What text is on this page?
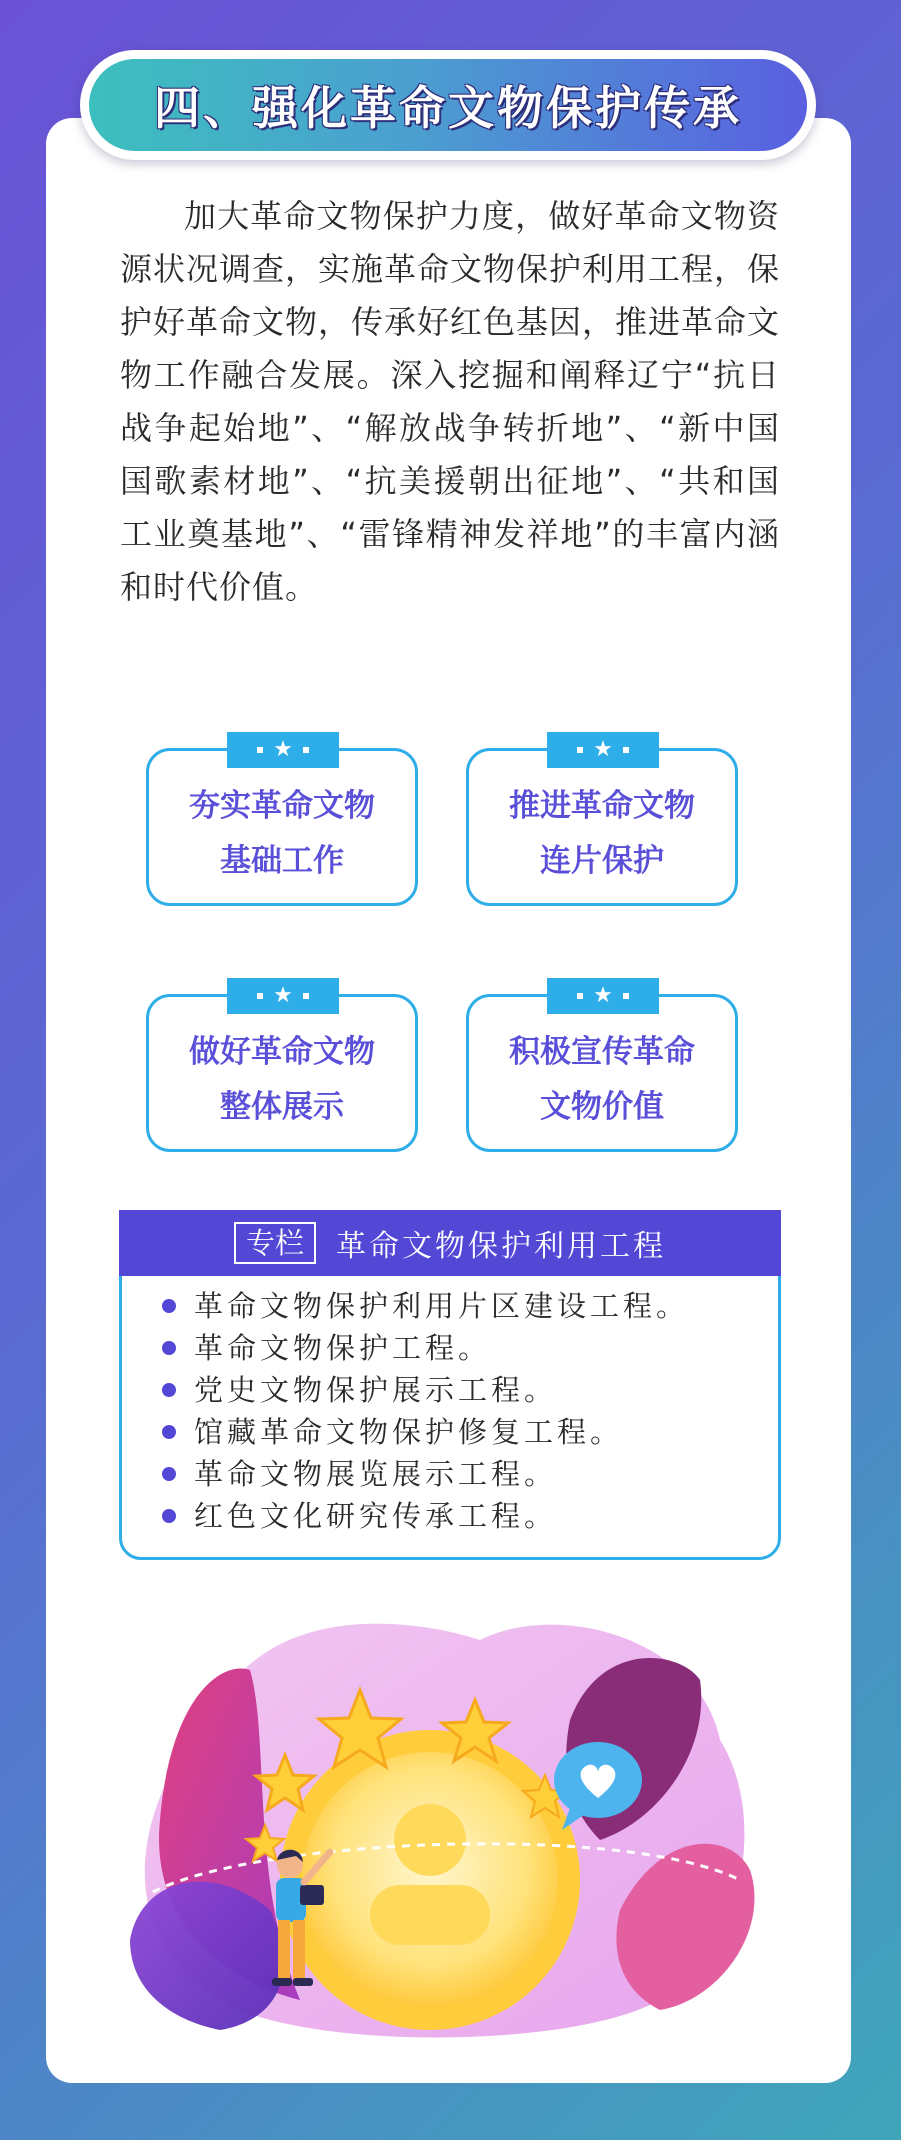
四、强化革命文物保护传承

加大革命文物保护力度，做好革命文物资源状况调查，实施革命文物保护利用工程，保护好革命文物，传承好红色基因，推进革命文物工作融合发展。深入挖掘和阐释辽宁“抗日战争起始地”、“解放战争转折地”、“新中国国歌素材地”、“抗美援朝出征地”、“共和国工业奠基地”、“雷锋精神发祥地”的丰富内涵和时代价值。

★
夯实革命文物
基础工作
★
推进革命文物
连片保护
★
做好革命文物
整体展示
★
积极宣传革命
文物价值
专栏	革命文物保护利用工程
革命文物保护利用片区建设工程。
革命文物保护工程。
党史文物保护展示工程。
馆藏革命文物保护修复工程。
革命文物展览展示工程。
红色文化研究传承工程。
